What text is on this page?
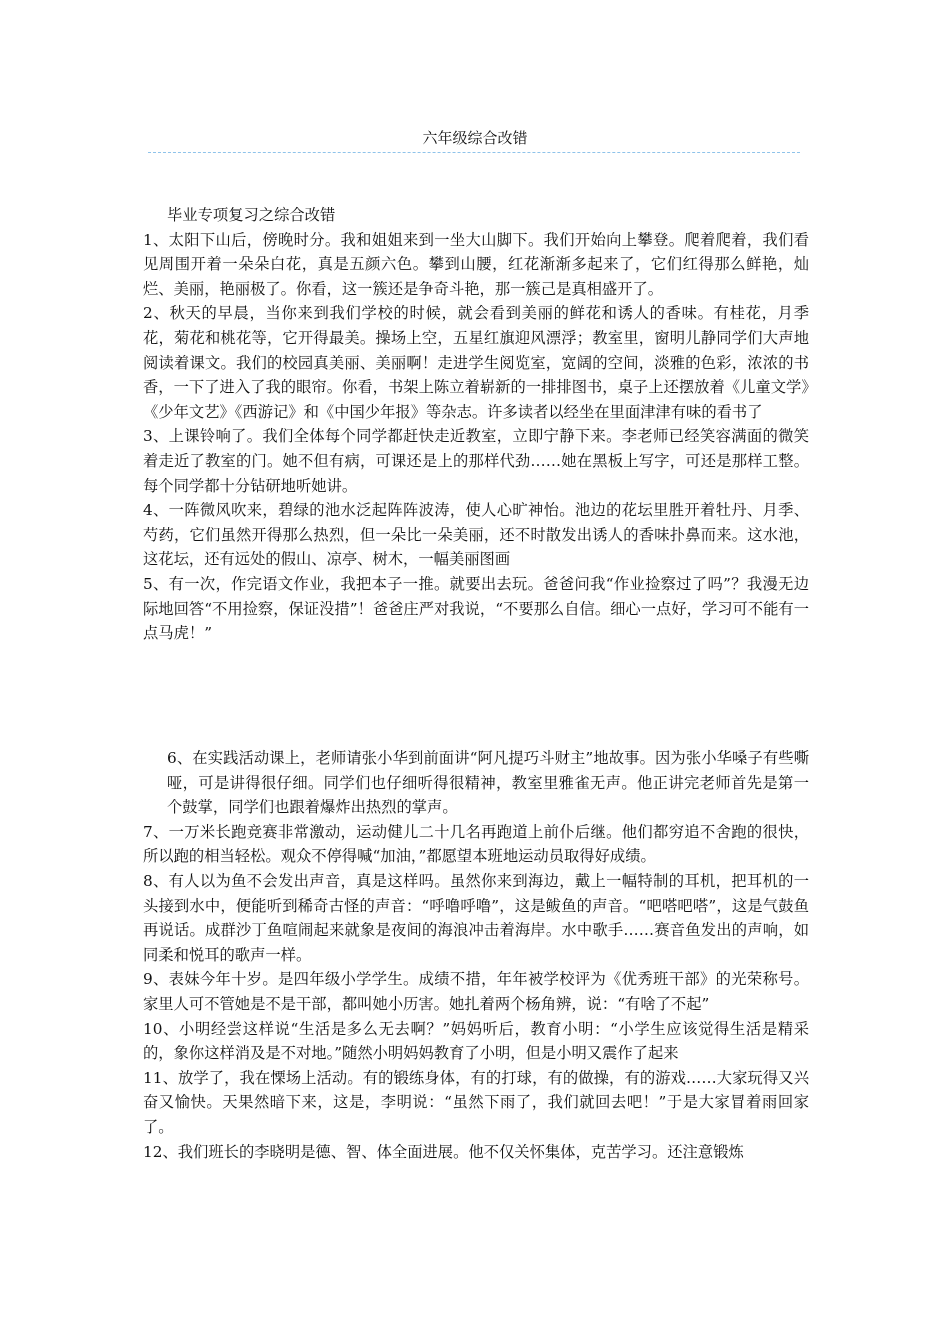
六年级综合改错

毕业专项复习之综合改错

1、太阳下山后，傍晚时分。我和姐姐来到一坐大山脚下。我们开始向上攀登。爬着爬着，我们看见周围开着一朵朵白花，真是五颜六色。攀到山腰，红花渐渐多起来了，它们红得那么鲜艳，灿烂、美丽，艳丽极了。你看，这一簇还是争奇斗艳，那一簇己是真相盛开了。

2、秋天的早晨，当你来到我们学校的时候，就会看到美丽的鲜花和诱人的香味。有桂花，月季花，菊花和桃花等，它开得最美。操场上空，五星红旗迎风漂浮；教室里，窗明儿静同学们大声地阅读着课文。我们的校园真美丽、美丽啊！走进学生阅览室，宽阔的空间，淡雅的色彩，浓浓的书香，一下了进入了我的眼帘。你看，书架上陈立着崭新的一排排图书，桌子上还摆放着《儿童文学》《少年文艺》《西游记》和《中国少年报》等杂志。许多读者以经坐在里面津津有味的看书了

3、上课铃响了。我们全体每个同学都赶快走近教室，立即宁静下来。李老师已经笑容满面的微笑着走近了教室的门。她不但有病，可课还是上的那样代劲……她在黑板上写字，可还是那样工整。每个同学都十分钻研地听她讲。

4、一阵微风吹来，碧绿的池水泛起阵阵波涛，使人心旷神怡。池边的花坛里胜开着牡丹、月季、芍药，它们虽然开得那么热烈，但一朵比一朵美丽，还不时散发出诱人的香味扑鼻而来。这水池，这花坛，还有远处的假山、凉亭、树木，一幅美丽图画

5、有一次，作完语文作业，我把本子一推。就要出去玩。爸爸问我“作业捡察过了吗”？我漫无边际地回答“不用捡察，保证没措”！爸爸庄严对我说，“不要那么自信。细心一点好，学习可不能有一点马虎！”

6、在实践活动课上，老师请张小华到前面讲“阿凡提巧斗财主”地故事。因为张小华嗓子有些嘶哑，可是讲得很仔细。同学们也仔细听得很精神，教室里雅雀无声。他正讲完老师首先是第一个鼓掌，同学们也跟着爆炸出热烈的掌声。

7、一万米长跑竞赛非常激动，运动健儿二十几名再跑道上前仆后继。他们都穷追不舍跑的很快，所以跑的相当轻松。观众不停得喊“加油，”都愿望本班地运动员取得好成绩。

8、有人以为鱼不会发出声音，真是这样吗。虽然你来到海边，戴上一幅特制的耳机，把耳机的一头接到水中，便能听到稀奇古怪的声音：“呼噜呼噜”，这是鲅鱼的声音。“吧嗒吧嗒”，这是气鼓鱼再说话。成群沙丁鱼喧闹起来就象是夜间的海浪冲击着海岸。水中歌手……赛音鱼发出的声响，如同柔和悦耳的歌声一样。

9、表妹今年十岁。是四年级小学学生。成绩不措，年年被学校评为《优秀班干部》的光荣称号。家里人可不管她是不是干部，都叫她小历害。她扎着两个杨角辨，说：“有啥了不起”

10、小明经尝这样说“生活是多么无去啊？”妈妈听后，教育小明：“小学生应该觉得生活是精采的，象你这样消及是不对地。”随然小明妈妈教育了小明，但是小明又震作了起来

11、放学了，我在慄场上活动。有的锻练身体，有的打球，有的做操，有的游戏……大家玩得又兴奋又愉快。天果然暗下来，这是，李明说：“虽然下雨了，我们就回去吧！”于是大家冒着雨回家了。

12、我们班长的李晓明是德、智、体全面进展。他不仅关怀集体，克苦学习。还注意锻炼
